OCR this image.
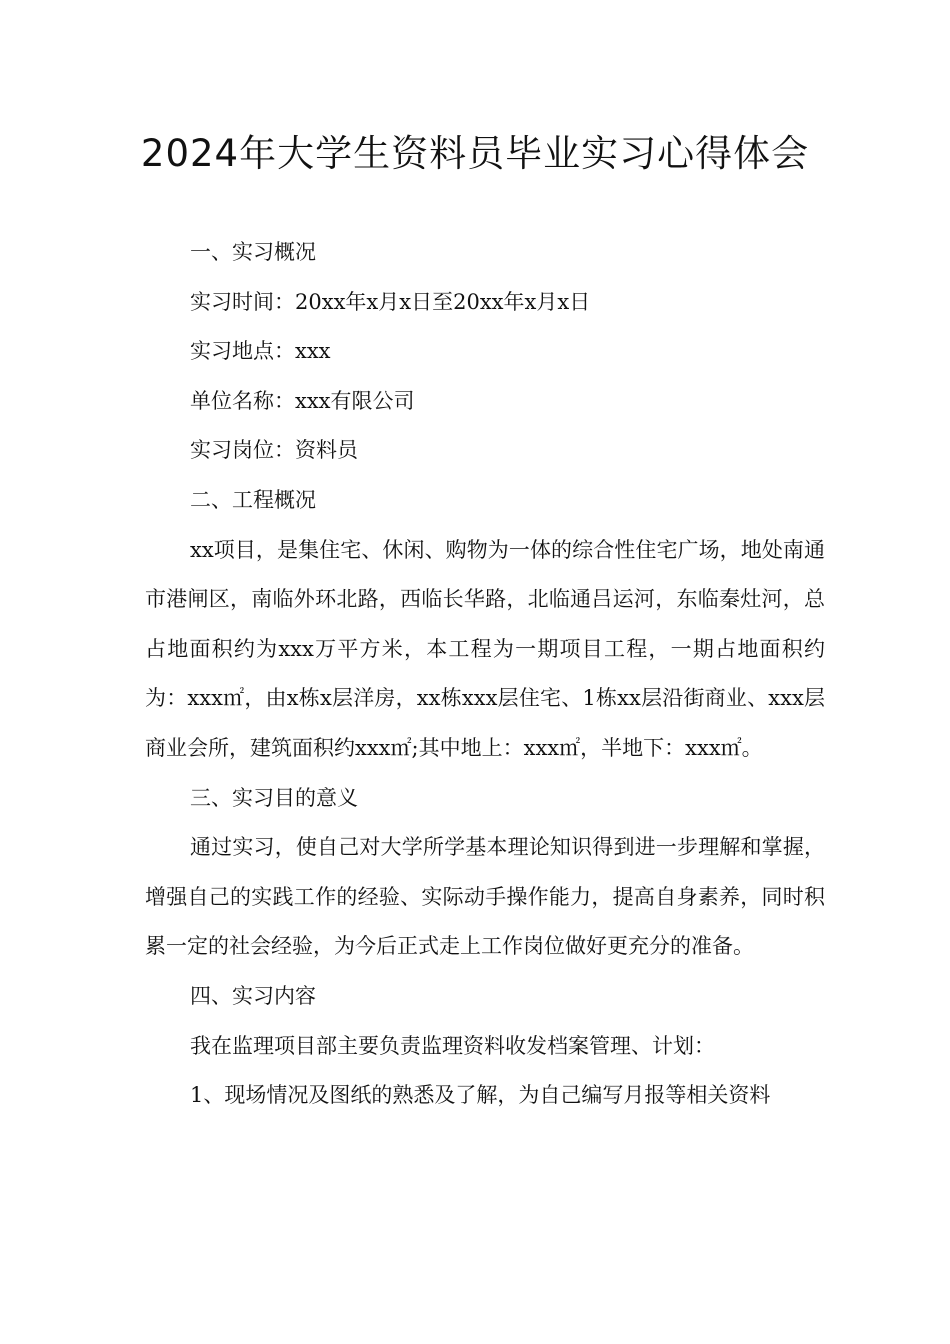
2024年大学生资料员毕业实习心得体会

一、实习概况

实习时间：20xx年x月x日至20xx年x月x日

实习地点：xxx

单位名称：xxx有限公司

实习岗位：资料员

二、工程概况

xx项目，是集住宅、休闲、购物为一体的综合性住宅广场，地处南通市港闸区，南临外环北路，西临长华路，北临通吕运河，东临秦灶河，总占地面积约为xxx万平方米，本工程为一期项目工程，一期占地面积约为：xxx㎡，由x栋x层洋房，xx栋xxx层住宅、1栋xx层沿街商业、xxx层商业会所，建筑面积约xxx㎡;其中地上：xxx㎡，半地下：xxx㎡。

三、实习目的意义

通过实习，使自己对大学所学基本理论知识得到进一步理解和掌握，增强自己的实践工作的经验、实际动手操作能力，提高自身素养，同时积累一定的社会经验，为今后正式走上工作岗位做好更充分的准备。

四、实习内容

我在监理项目部主要负责监理资料收发档案管理、计划：

1、现场情况及图纸的熟悉及了解，为自己编写月报等相关资料
